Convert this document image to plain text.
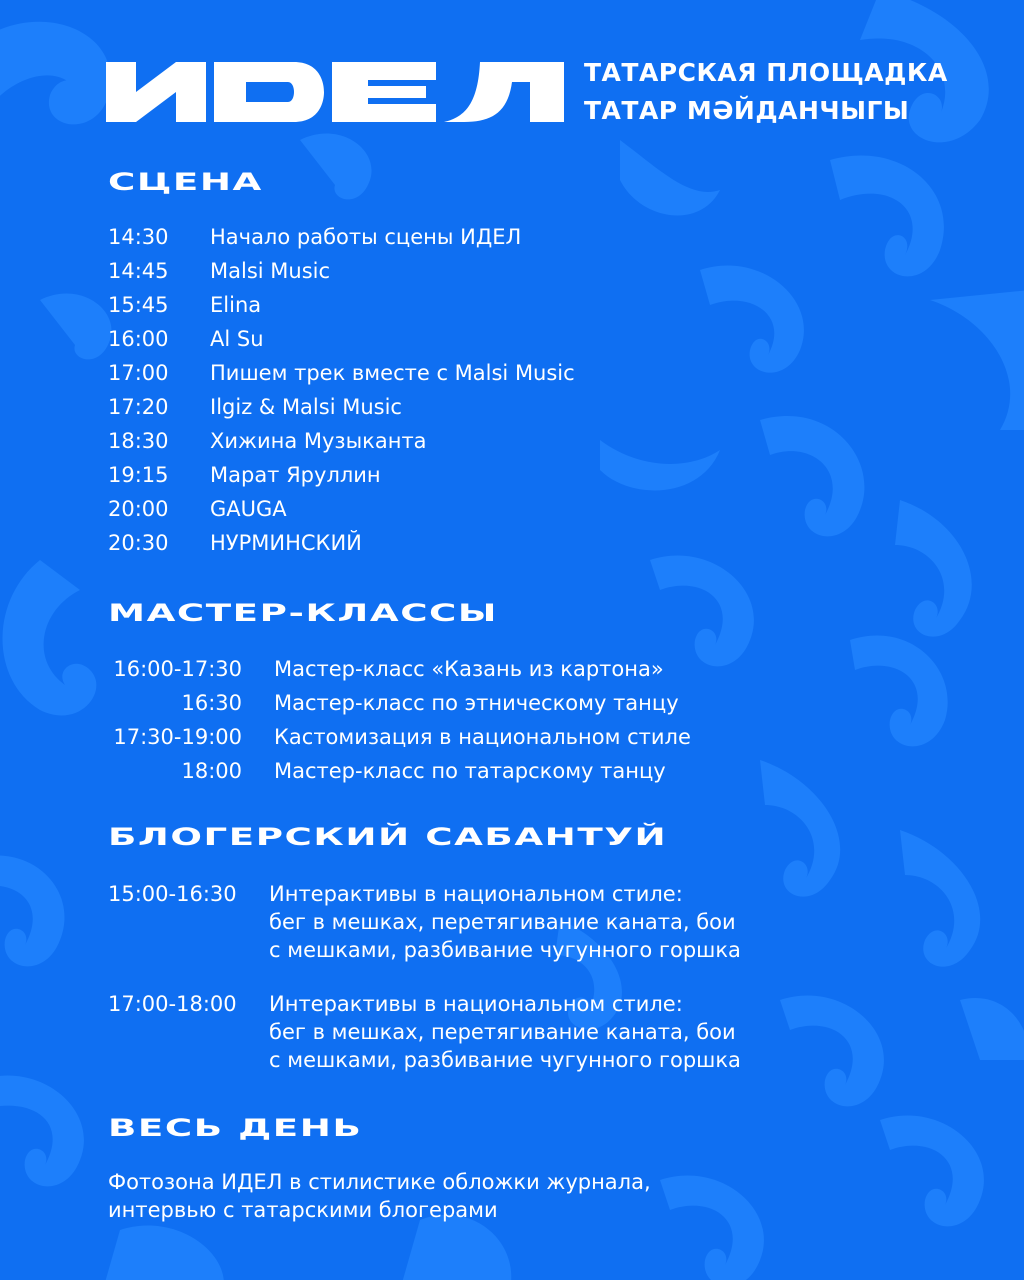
ТАТАРСКАЯ ПЛОЩАДКА
ТАТАР МӘЙДАНЧЫГЫ
СЦЕНА
14:30	Начало работы сцены ИДЕЛ
14:45	Malsi Music
15:45	Elina
16:00	Al Su
17:00	Пишем трек вместе с Malsi Music
17:20	Ilgiz & Malsi Music
18:30	Хижина Музыканта
19:15	Марат Яруллин
20:00	GAUGA
20:30	НУРМИНСКИЙ
МАСТЕР-КЛАССЫ
16:00-17:30 Мастер-класс «Казань из картона»
16:30 Мастер-класс по этническому танцу
17:30-19:00 Кастомизация в национальном стиле
18:00 Мастер-класс по татарскому танцу
БЛОГЕРСКИЙ САБАНТУЙ
15:00-16:30 Интерактивы в национальном стиле:
бег в мешках, перетягивание каната, бои
с мешками, разбивание чугунного горшка
17:00-18:00 Интерактивы в национальном стиле:
бег в мешках, перетягивание каната, бои
с мешками, разбивание чугунного горшка
ВЕСЬ ДЕНЬ
Фотозона ИДЕЛ в стилистике обложки журнала,
интервью с татарскими блогерами
